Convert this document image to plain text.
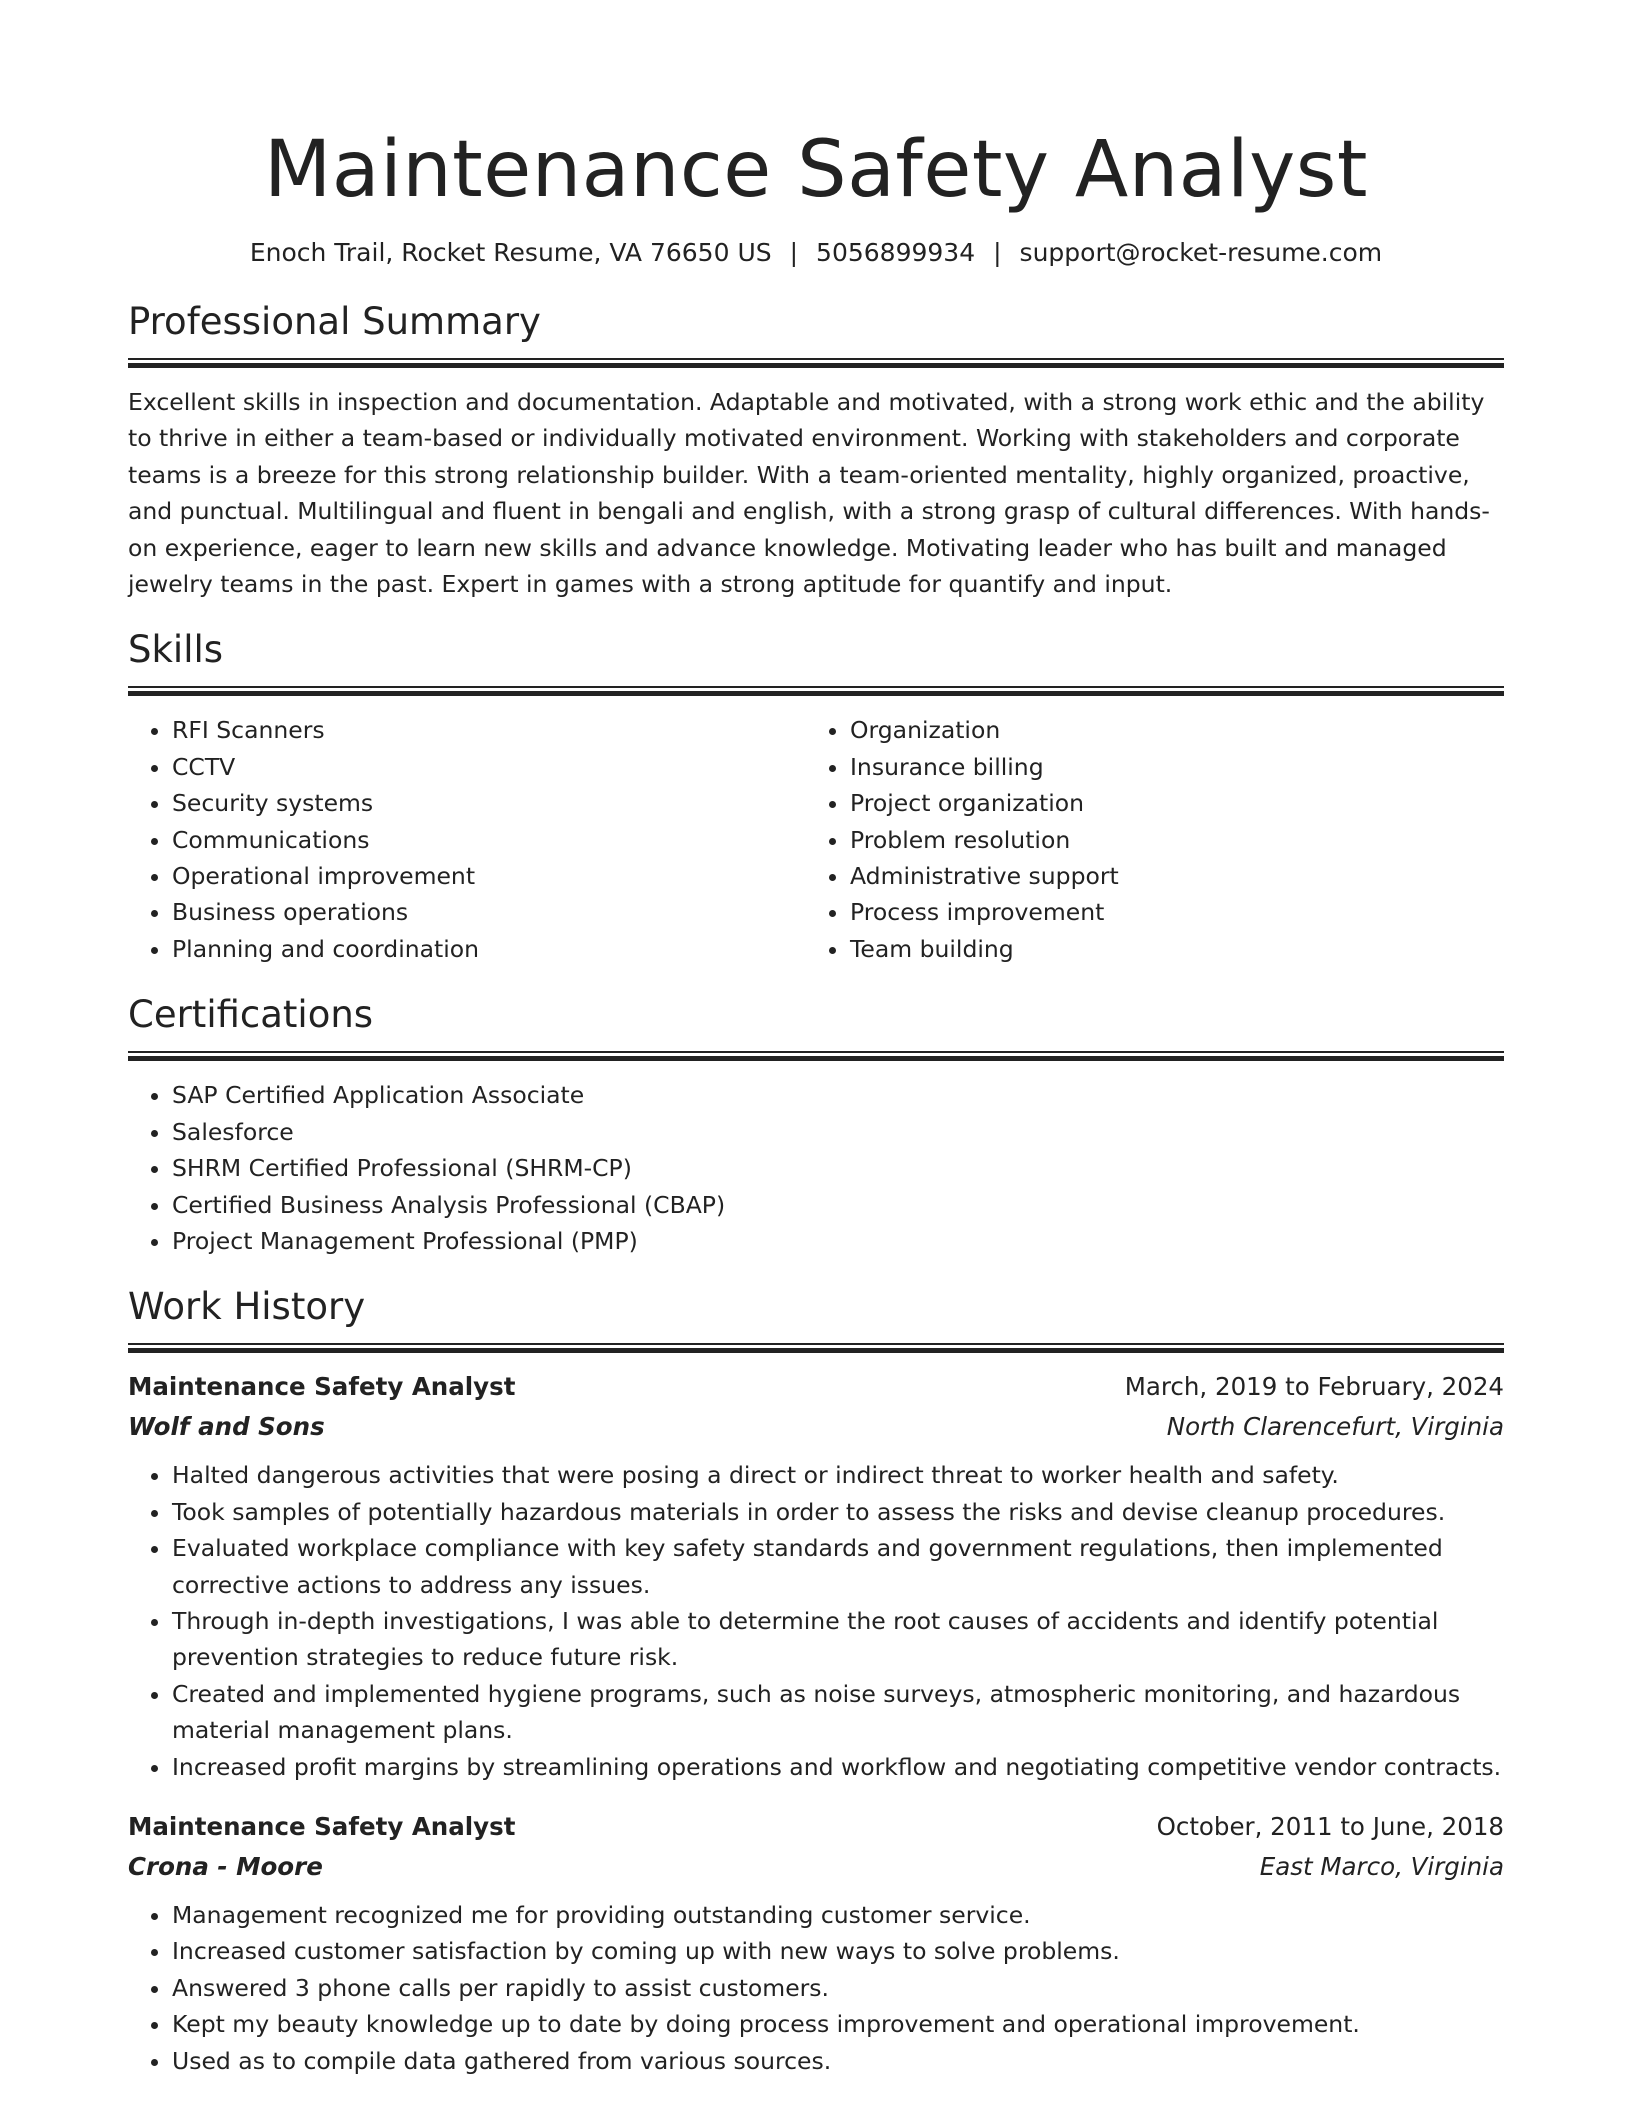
Maintenance Safety Analyst
Enoch Trail, Rocket Resume, VA 76650 US | 5056899934 | support@rocket-resume.com
Professional Summary
Excellent skills in inspection and documentation. Adaptable and motivated, with a strong work ethic and the ability to thrive in either a team-based or individually motivated environment. Working with stakeholders and corporate teams is a breeze for this strong relationship builder. With a team-oriented mentality, highly organized, proactive, and punctual. Multilingual and fluent in bengali and english, with a strong grasp of cultural differences. With hands-on experience, eager to learn new skills and advance knowledge. Motivating leader who has built and managed jewelry teams in the past. Expert in games with a strong aptitude for quantify and input.
Skills
• RFI Scanners
• CCTV
• Security systems
• Communications
• Operational improvement
• Business operations
• Planning and coordination
• Organization
• Insurance billing
• Project organization
• Problem resolution
• Administrative support
• Process improvement
• Team building
Certifications
• SAP Certified Application Associate
• Salesforce
• SHRM Certified Professional (SHRM-CP)
• Certified Business Analysis Professional (CBAP)
• Project Management Professional (PMP)
Work History
Maintenance Safety Analyst	March, 2019 to February, 2024
Wolf and Sons	North Clarencefurt, Virginia
• Halted dangerous activities that were posing a direct or indirect threat to worker health and safety.
• Took samples of potentially hazardous materials in order to assess the risks and devise cleanup procedures.
• Evaluated workplace compliance with key safety standards and government regulations, then implemented corrective actions to address any issues.
• Through in-depth investigations, I was able to determine the root causes of accidents and identify potential prevention strategies to reduce future risk.
• Created and implemented hygiene programs, such as noise surveys, atmospheric monitoring, and hazardous material management plans.
• Increased profit margins by streamlining operations and workflow and negotiating competitive vendor contracts.
Maintenance Safety Analyst	October, 2011 to June, 2018
Crona - Moore	East Marco, Virginia
• Management recognized me for providing outstanding customer service.
• Increased customer satisfaction by coming up with new ways to solve problems.
• Answered 3 phone calls per rapidly to assist customers.
• Kept my beauty knowledge up to date by doing process improvement and operational improvement.
• Used as to compile data gathered from various sources.
